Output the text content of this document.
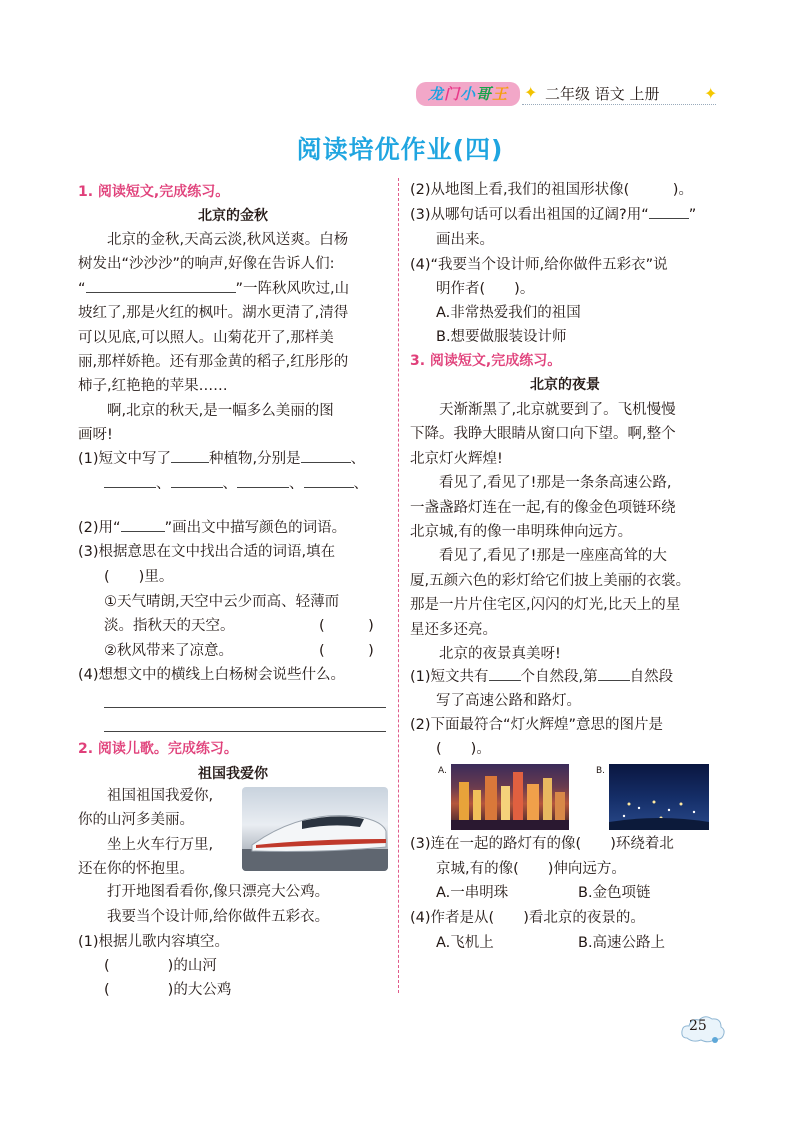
龙门小哥王 ✦ 二年级 语文 上册	✦
阅读培优作业(四)
1. 阅读短文,完成练习。
北京的金秋
　　北京的金秋,天高云淡,秋风送爽。白杨
树发出“沙沙沙”的响声,好像在告诉人们:
“	”一阵秋风吹过,山
坡红了,那是火红的枫叶。湖水更清了,清得
可以见底,可以照人。山菊花开了,那样美
丽,那样娇艳。还有那金黄的稻子,红彤彤的
柿子,红艳艳的苹果……
　　啊,北京的秋天,是一幅多么美丽的图
画呀!
(1)短文中写了	种植物,分别是	、
、	、	、	、
(2)用“	”画出文中描写颜色的词语。
(3)根据意思在文中找出合适的词语,填在
(　　)里。
①天气晴朗,天空中云少而高、轻薄而
淡。指秋天的天空。	(　　　)
②秋风带来了凉意。	(　　　)
(4)想想文中的横线上白杨树会说些什么。
2. 阅读儿歌。完成练习。
祖国我爱你
　　祖国祖国我爱你,
你的山河多美丽。
　　坐上火车行万里,
还在你的怀抱里。
　　打开地图看看你,像只漂亮大公鸡。
　　我要当个设计师,给你做件五彩衣。
(1)根据儿歌内容填空。
(　　　　)的山河
(　　　　)的大公鸡
(2)从地图上看,我们的祖国形状像(　　　)。
(3)从哪句话可以看出祖国的辽阔?用“	”
画出来。
(4)“我要当个设计师,给你做件五彩衣”说
明作者(　　)。
A.非常热爱我们的祖国
B.想要做服装设计师
3. 阅读短文,完成练习。
北京的夜景
　　天渐渐黑了,北京就要到了。飞机慢慢
下降。我睁大眼睛从窗口向下望。啊,整个
北京灯火辉煌!
　　看见了,看见了!那是一条条高速公路,
一盏盏路灯连在一起,有的像金色项链环绕
北京城,有的像一串明珠伸向远方。
　　看见了,看见了!那是一座座高耸的大
厦,五颜六色的彩灯给它们披上美丽的衣裳。
那是一片片住宅区,闪闪的灯光,比天上的星
星还多还亮。
　　北京的夜景真美呀!
(1)短文共有 个自然段,第 自然段
写了高速公路和路灯。
(2)下面最符合“灯火辉煌”意思的图片是
(　　)。
A.	B.
(3)连在一起的路灯有的像(　　)环绕着北
京城,有的像(　　)伸向远方。
A.一串明珠	B.金色项链
(4)作者是从(　　)看北京的夜景的。
A.飞机上	B.高速公路上
25
